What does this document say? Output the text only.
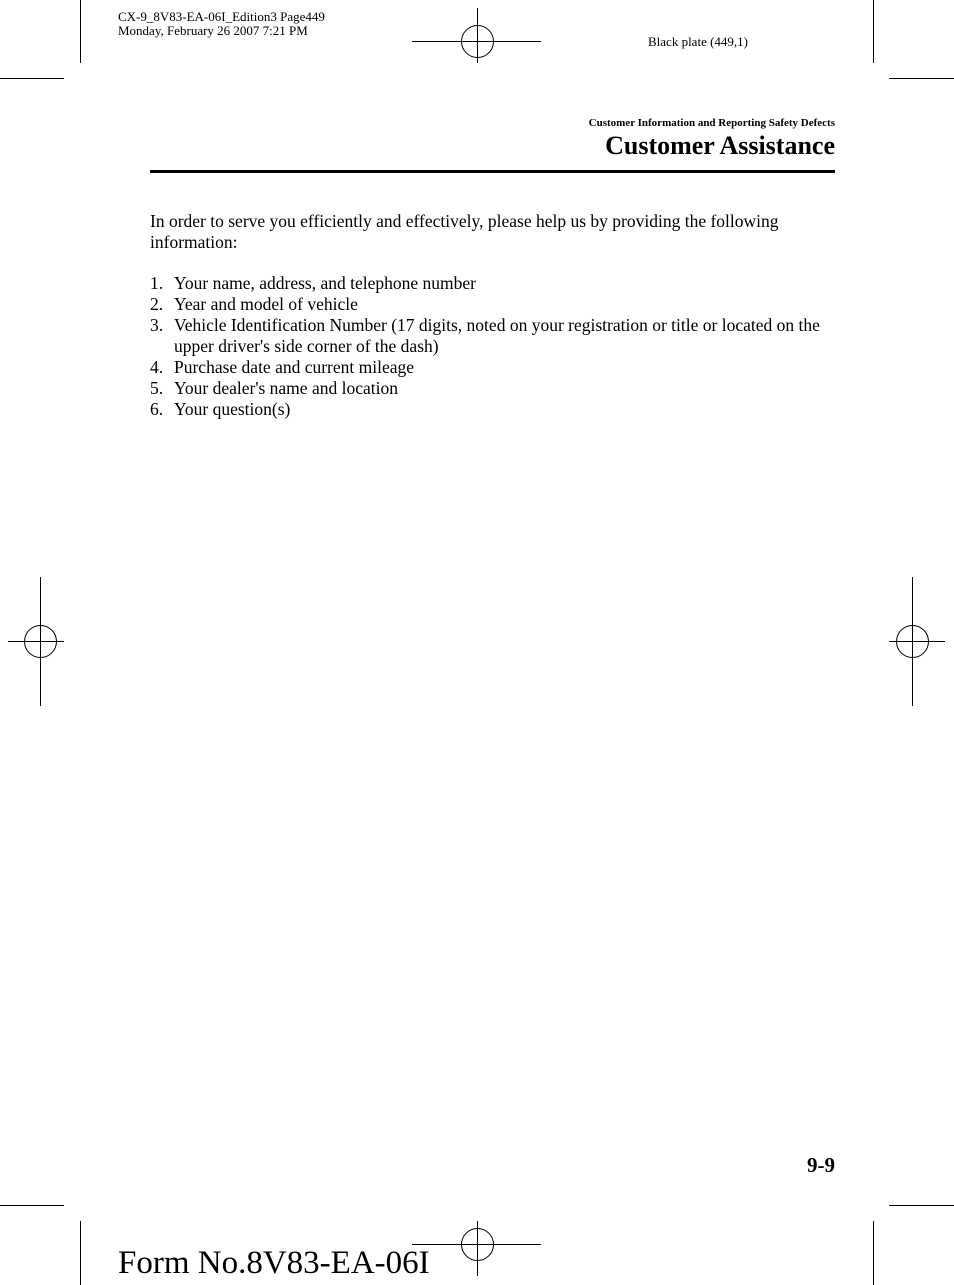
CX-9_8V83-EA-06I_Edition3 Page449
Monday, February 26 2007 7:21 PM
Black plate (449,1)
Customer Information and Reporting Safety Defects
Customer Assistance

In order to serve you efficiently and effectively, please help us by providing the following information:

1. Your name, address, and telephone number
2. Year and model of vehicle
3. Vehicle Identification Number (17 digits, noted on your registration or title or located on the upper driver's side corner of the dash)
4. Purchase date and current mileage
5. Your dealer's name and location
6. Your question(s)
9-9
Form No.8V83-EA-06I
